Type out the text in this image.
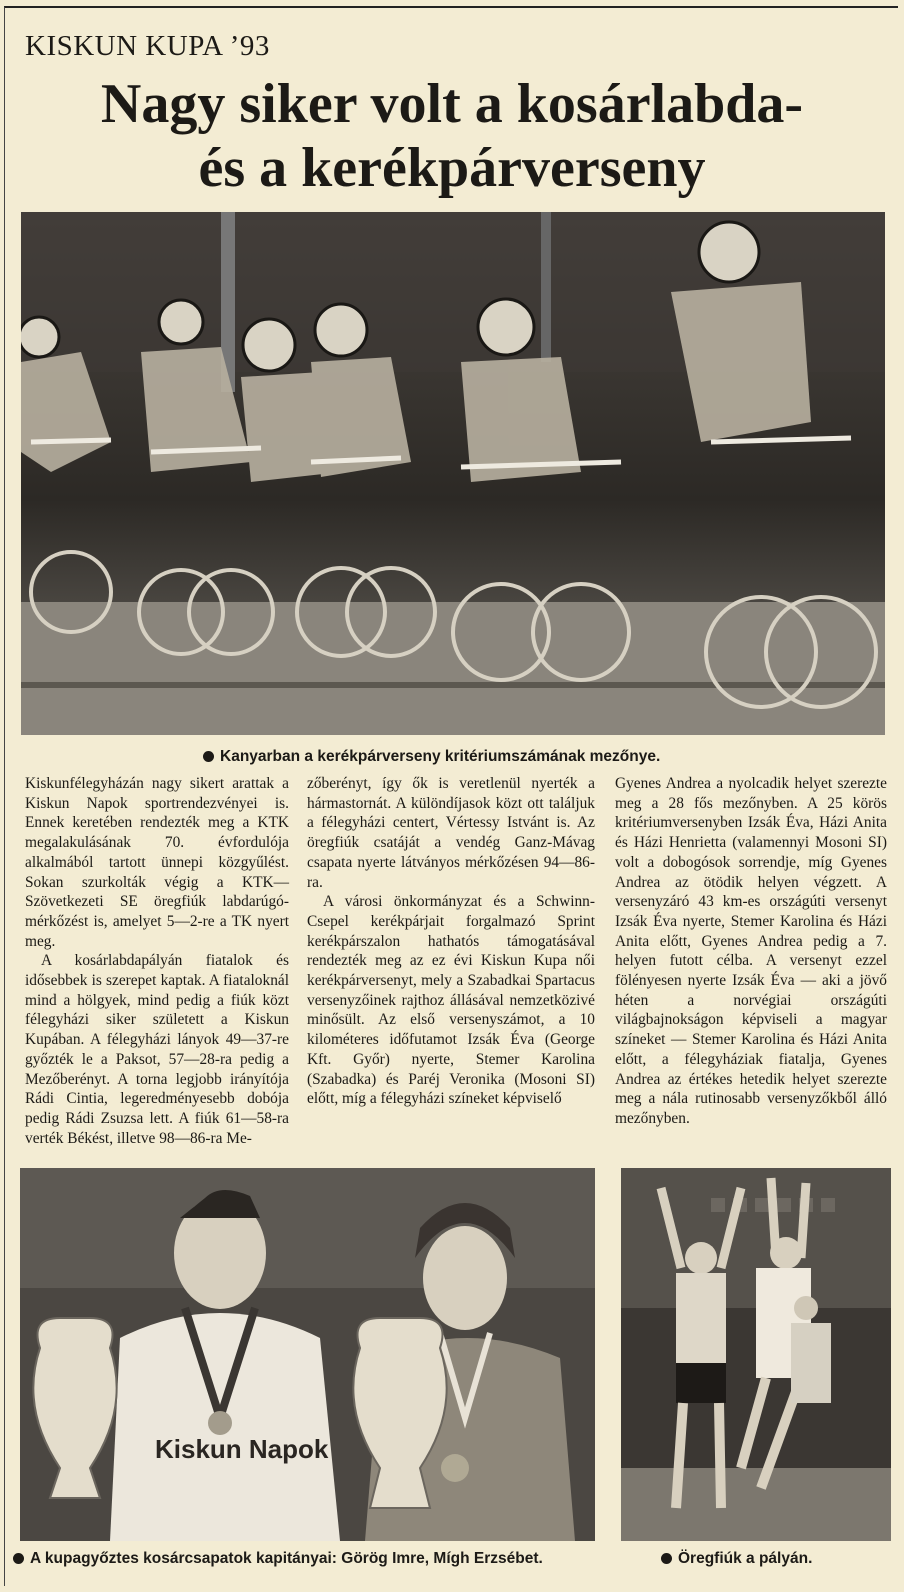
KISKUN KUPA ’93
Nagy siker volt a kosárlabda-
és a kerékpárverseny
Kanyarban a kerékpárverseny kritériumszámának mezőnye.

Kiskunfélegyházán nagy sikert arattak a Kiskun Napok sportrendezvényei is. Ennek keretében rendezték meg a KTK megalakulásának 70. évfordulója alkalmából tartott ünnepi közgyűlést. Sokan szurkolták végig a KTK—Szövetkezeti SE öregfiúk labdarúgó-mérkőzést is, amelyet 5—2-re a TK nyert meg.

A kosárlabdapályán fiatalok és idősebbek is szerepet kaptak. A fiataloknál mind a hölgyek, mind pedig a fiúk közt félegyházi siker született a Kiskun Kupában. A félegyházi lányok 49—37-re győzték le a Paksot, 57—28-ra pedig a Mezőberényt. A torna legjobb irányítója Rádi Cintia, legeredményesebb dobója pedig Rádi Zsuzsa lett. A fiúk 61—58-ra verték Békést, illetve 98—86-ra Me-

zőberényt, így ők is veretlenül nyerték a hármastornát. A különdíjasok közt ott találjuk a félegyházi centert, Vértessy Istvánt is. Az öregfiúk csatáját a vendég Ganz-Mávag csapata nyerte látványos mérkőzésen 94—86-ra.

A városi önkormányzat és a Schwinn-Csepel kerékpárjait forgalmazó Sprint kerékpárszalon hathatós támogatásával rendezték meg az ez évi Kiskun Kupa női kerékpárversenyt, mely a Szabadkai Spartacus versenyzőinek rajthoz állásával nemzetközivé minősült. Az első versenyszámot, a 10 kilométeres időfutamot Izsák Éva (George Kft. Győr) nyerte, Stemer Karolina (Szabadka) és Paréj Veronika (Mosoni SI) előtt, míg a félegyházi színeket képviselő

Gyenes Andrea a nyolcadik helyet szerezte meg a 28 fős mezőnyben. A 25 körös kritériumversenyben Izsák Éva, Házi Anita és Házi Henrietta (valamennyi Mosoni SI) volt a dobogósok sorrendje, míg Gyenes Andrea az ötödik helyen végzett. A versenyzáró 43 km-es országúti versenyt Izsák Éva nyerte, Stemer Karolina és Házi Anita előtt, Gyenes Andrea pedig a 7. helyen futott célba. A versenyt ezzel fölényesen nyerte Izsák Éva — aki a jövő héten a norvégiai országúti világbajnokságon képviseli a magyar színeket — Stemer Karolina és Házi Anita előtt, a félegyháziak fiatalja, Gyenes Andrea az értékes hetedik helyet szerezte meg a nála rutinosabb versenyzőkből álló mezőnyben.

Kiskun Napok
A kupagyőztes kosárcsapatok kapitányai: Görög Imre, Mígh Erzsébet.	Öregfiúk a pályán.
